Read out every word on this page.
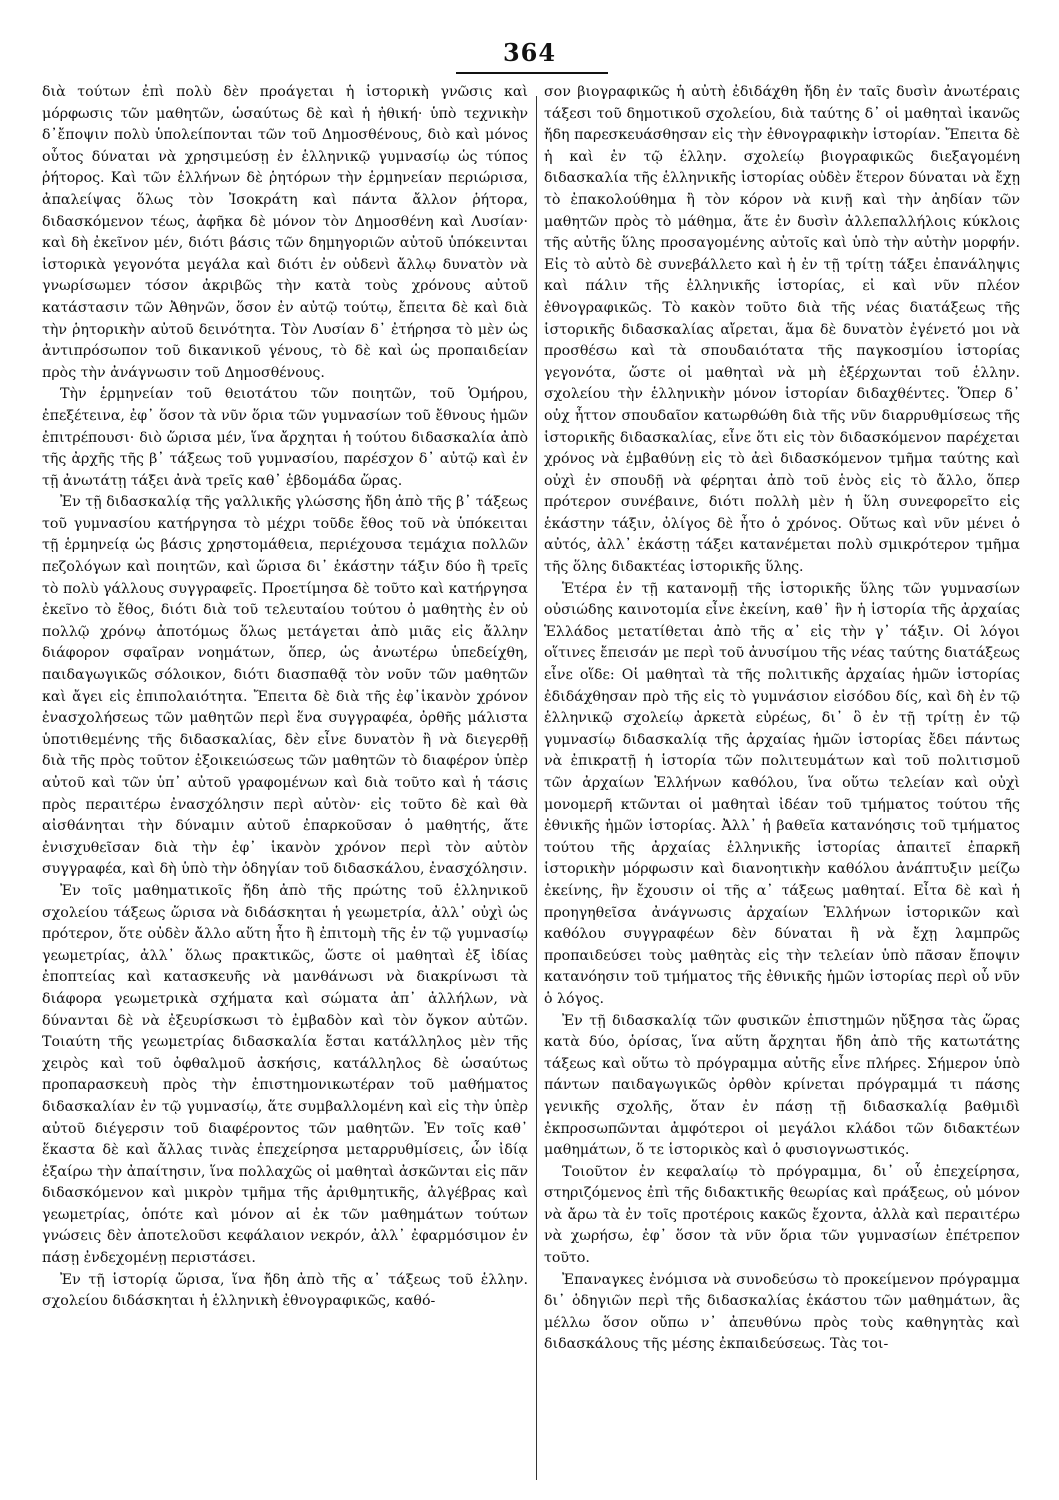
364

διὰ τούτων ἐπὶ πολὺ δὲν προάγεται ἡ ἱστορικὴ γνῶσις καὶ μόρφωσις τῶν μαθητῶν, ὡσαύτως δὲ καὶ ἡ ἠθική· ὑπὸ τεχνικὴν δ᾽ἔποψιν πολὺ ὑπολείπονται τῶν τοῦ Δημοσθένους, διὸ καὶ μόνος οὗτος δύναται νὰ χρησιμεύσῃ ἐν ἑλληνικῷ γυμνασίῳ ὡς τύπος ῥήτορος. Καὶ τῶν ἑλλήνων δὲ ῥητόρων τὴν ἑρμηνείαν περιώρισα, ἀπαλείψας ὅλως τὸν Ἰσοκράτη καὶ πάντα ἄλλον ῥήτορα, διδασκόμενον τέως, ἀφῆκα δὲ μόνον τὸν Δημοσθένη καὶ Λυσίαν· καὶ δὴ ἐκεῖνον μέν, διότι βάσις τῶν δημηγοριῶν αὐτοῦ ὑπόκεινται ἱστορικὰ γεγονότα μεγάλα καὶ διότι ἐν οὐδενὶ ἄλλῳ δυνατὸν νὰ γνωρίσωμεν τόσον ἀκριβῶς τὴν κατὰ τοὺς χρόνους αὐτοῦ κατάστασιν τῶν Ἀθηνῶν, ὅσον ἐν αὐτῷ τούτῳ, ἔπειτα δὲ καὶ διὰ τὴν ῥητορικὴν αὐτοῦ δεινότητα. Τὸν Λυσίαν δ᾽ ἐτήρησα τὸ μὲν ὡς ἀντιπρόσωπον τοῦ δικανικοῦ γένους, τὸ δὲ καὶ ὡς προπαιδείαν πρὸς τὴν ἀνάγνωσιν τοῦ Δημοσθένους.

Τὴν ἑρμηνείαν τοῦ θειοτάτου τῶν ποιητῶν, τοῦ Ὁμήρου, ἐπεξέτεινα, ἐφ᾽ ὅσον τὰ νῦν ὅρια τῶν γυμνασίων τοῦ ἔθνους ἡμῶν ἐπιτρέπουσι· διὸ ὥρισα μέν, ἵνα ἄρχηται ἡ τούτου διδασκαλία ἀπὸ τῆς ἀρχῆς τῆς β᾽ τάξεως τοῦ γυμνασίου, παρέσχον δ᾽ αὐτῷ καὶ ἐν τῇ ἀνωτάτῃ τάξει ἀνὰ τρεῖς καθ᾽ ἑβδομάδα ὥρας.

Ἐν τῇ διδασκαλίᾳ τῆς γαλλικῆς γλώσσης ἤδη ἀπὸ τῆς β᾽ τάξεως τοῦ γυμνασίου κατήργησα τὸ μέχρι τοῦδε ἔθος τοῦ νὰ ὑπόκειται τῇ ἑρμηνείᾳ ὡς βάσις χρηστομάθεια, περιέχουσα τεμάχια πολλῶν πεζολόγων καὶ ποιητῶν, καὶ ὥρισα δι᾽ ἑκάστην τάξιν δύο ἢ τρεῖς τὸ πολὺ γάλλους συγγραφεῖς. Προετίμησα δὲ τοῦτο καὶ κατήργησα ἐκεῖνο τὸ ἔθος, διότι διὰ τοῦ τελευταίου τούτου ὁ μαθητὴς ἐν οὐ πολλῷ χρόνῳ ἀποτόμως ὅλως μετάγεται ἀπὸ μιᾶς εἰς ἄλλην διάφορον σφαῖραν νοημάτων, ὅπερ, ὡς ἀνωτέρω ὑπεδείχθη, παιδαγωγικῶς σόλοικον, διότι διασπαθᾷ τὸν νοῦν τῶν μαθητῶν καὶ ἄγει εἰς ἐπιπολαιότητα. Ἔπειτα δὲ διὰ τῆς ἐφ᾽ἱκανὸν χρόνον ἐνασχολήσεως τῶν μαθητῶν περὶ ἕνα συγγραφέα, ὀρθῆς μάλιστα ὑποτιθεμένης τῆς διδασκαλίας, δὲν εἶνε δυνατὸν ἢ νὰ διεγερθῇ διὰ τῆς πρὸς τοῦτον ἐξοικειώσεως τῶν μαθητῶν τὸ διαφέρον ὑπὲρ αὐτοῦ καὶ τῶν ὑπ᾽ αὐτοῦ γραφομένων καὶ διὰ τοῦτο καὶ ἡ τάσις πρὸς περαιτέρω ἐνασχόλησιν περὶ αὐτὸν· εἰς τοῦτο δὲ καὶ θὰ αἰσθάνηται τὴν δύναμιν αὐτοῦ ἐπαρκοῦσαν ὁ μαθητής, ἅτε ἐνισχυθεῖσαν διὰ τὴν ἐφ᾽ ἱκανὸν χρόνον περὶ τὸν αὐτὸν συγγραφέα, καὶ δὴ ὑπὸ τὴν ὁδηγίαν τοῦ διδασκάλου, ἐνασχόλησιν.

Ἐν τοῖς μαθηματικοῖς ἤδη ἀπὸ τῆς πρώτης τοῦ ἑλληνικοῦ σχολείου τάξεως ὥρισα νὰ διδάσκηται ἡ γεωμετρία, ἀλλ᾽ οὐχὶ ὡς πρότερον, ὅτε οὐδὲν ἄλλο αὕτη ἦτο ἢ ἐπιτομὴ τῆς ἐν τῷ γυμνασίῳ γεωμετρίας, ἀλλ᾽ ὅλως πρακτικῶς, ὥστε οἱ μαθηταὶ ἐξ ἰδίας ἐποπτείας καὶ κατασκευῆς νὰ μανθάνωσι νὰ διακρίνωσι τὰ διάφορα γεωμετρικὰ σχήματα καὶ σώματα ἀπ᾽ ἀλλήλων, νὰ δύνανται δὲ νὰ ἐξευρίσκωσι τὸ ἐμβαδὸν καὶ τὸν ὄγκον αὐτῶν. Τοιαύτη τῆς γεωμετρίας διδασκαλία ἔσται κατάλληλος μὲν τῆς χειρὸς καὶ τοῦ ὀφθαλμοῦ ἀσκήσις, κατάλληλος δὲ ὡσαύτως προπαρασκευὴ πρὸς τὴν ἐπιστημονικωτέραν τοῦ μαθήματος διδασκαλίαν ἐν τῷ γυμνασίῳ, ἅτε συμβαλλομένη καὶ εἰς τὴν ὑπὲρ αὐτοῦ διέγερσιν τοῦ διαφέροντος τῶν μαθητῶν. Ἐν τοῖς καθ᾽ ἕκαστα δὲ καὶ ἄλλας τινὰς ἐπεχείρησα μεταρρυθμίσεις, ὧν ἰδίᾳ ἐξαίρω τὴν ἀπαίτησιν, ἵνα πολλαχῶς οἱ μαθηταὶ ἀσκῶνται εἰς πᾶν διδασκόμενον καὶ μικρὸν τμῆμα τῆς ἀριθμητικῆς, ἀλγέβρας καὶ γεωμετρίας, ὁπότε καὶ μόνον αἱ ἐκ τῶν μαθημάτων τούτων γνώσεις δὲν ἀποτελοῦσι κεφάλαιον νεκρόν, ἀλλ᾽ ἐφαρμόσιμον ἐν πάσῃ ἐνδεχομένῃ περιστάσει.

Ἐν τῇ ἱστορίᾳ ὥρισα, ἵνα ἤδη ἀπὸ τῆς α᾽ τάξεως τοῦ ἑλλην. σχολείου διδάσκηται ἡ ἑλληνικὴ ἐθνογραφικῶς, καθό-

σον βιογραφικῶς ἡ αὐτὴ ἐδιδάχθη ἤδη ἐν ταῖς δυσὶν ἀνωτέραις τάξεσι τοῦ δημοτικοῦ σχολείου, διὰ ταύτης δ᾽ οἱ μαθηταὶ ἱκανῶς ἤδη παρεσκευάσθησαν εἰς τὴν ἐθνογραφικὴν ἱστορίαν. Ἔπειτα δὲ ἡ καὶ ἐν τῷ ἑλλην. σχολείῳ βιογραφικῶς διεξαγομένη διδασκαλία τῆς ἑλληνικῆς ἱστορίας οὐδὲν ἕτερον δύναται νὰ ἔχῃ τὸ ἐπακολούθημα ἢ τὸν κόρον νὰ κινῇ καὶ τὴν ἀηδίαν τῶν μαθητῶν πρὸς τὸ μάθημα, ἅτε ἐν δυσὶν ἀλλεπαλλήλοις κύκλοις τῆς αὐτῆς ὕλης προσαγομένης αὐτοῖς καὶ ὑπὸ τὴν αὐτὴν μορφήν. Εἰς τὸ αὐτὸ δὲ συνεβάλλετο καὶ ἡ ἐν τῇ τρίτῃ τάξει ἐπανάληψις καὶ πάλιν τῆς ἑλληνικῆς ἱστορίας, εἰ καὶ νῦν πλέον ἐθνογραφικῶς. Τὸ κακὸν τοῦτο διὰ τῆς νέας διατάξεως τῆς ἱστορικῆς διδασκαλίας αἴρεται, ἅμα δὲ δυνατὸν ἐγένετό μοι νὰ προσθέσω καὶ τὰ σπουδαιότατα τῆς παγκοσμίου ἱστορίας γεγονότα, ὥστε οἱ μαθηταὶ νὰ μὴ ἐξέρχωνται τοῦ ἑλλην. σχολείου τὴν ἑλληνικὴν μόνον ἱστορίαν διδαχθέντες. Ὅπερ δ᾽ οὐχ ἧττον σπουδαῖον κατωρθώθη διὰ τῆς νῦν διαρρυθμίσεως τῆς ἱστορικῆς διδασκαλίας, εἶνε ὅτι εἰς τὸν διδασκόμενον παρέχεται χρόνος νὰ ἐμβαθύνῃ εἰς τὸ ἀεὶ διδασκόμενον τμῆμα ταύτης καὶ οὐχὶ ἐν σπουδῇ νὰ φέρηται ἀπὸ τοῦ ἑνὸς εἰς τὸ ἄλλο, ὅπερ πρότερον συνέβαινε, διότι πολλὴ μὲν ἡ ὕλη συνεφορεῖτο εἰς ἑκάστην τάξιν, ὀλίγος δὲ ἦτο ὁ χρόνος. Οὕτως καὶ νῦν μένει ὁ αὐτός, ἀλλ᾽ ἑκάστῃ τάξει κατανέμεται πολὺ σμικρότερον τμῆμα τῆς ὅλης διδακτέας ἱστορικῆς ὕλης.

Ἑτέρα ἐν τῇ κατανομῇ τῆς ἱστορικῆς ὕλης τῶν γυμνασίων οὐσιώδης καινοτομία εἶνε ἐκείνη, καθ᾽ ἣν ἡ ἱστορία τῆς ἀρχαίας Ἑλλάδος μετατίθεται ἀπὸ τῆς α᾽ εἰς τὴν γ᾽ τάξιν. Οἱ λόγοι οἵτινες ἔπεισάν με περὶ τοῦ ἀνυσίμου τῆς νέας ταύτης διατάξεως εἶνε οἵδε: Οἱ μαθηταὶ τὰ τῆς πολιτικῆς ἀρχαίας ἡμῶν ἱστορίας ἐδιδάχθησαν πρὸ τῆς εἰς τὸ γυμνάσιον εἰσόδου δίς, καὶ δὴ ἐν τῷ ἑλληνικῷ σχολείῳ ἀρκετὰ εὐρέως, δι᾽ ὃ ἐν τῇ τρίτῃ ἐν τῷ γυμνασίῳ διδασκαλίᾳ τῆς ἀρχαίας ἡμῶν ἱστορίας ἔδει πάντως νὰ ἐπικρατῇ ἡ ἱστορία τῶν πολιτευμάτων καὶ τοῦ πολιτισμοῦ τῶν ἀρχαίων Ἑλλήνων καθόλου, ἵνα οὕτω τελείαν καὶ οὐχὶ μονομερῆ κτῶνται οἱ μαθηταὶ ἰδέαν τοῦ τμήματος τούτου τῆς ἐθνικῆς ἡμῶν ἱστορίας. Ἀλλ᾽ ἡ βαθεῖα κατανόησις τοῦ τμήματος τούτου τῆς ἀρχαίας ἑλληνικῆς ἱστορίας ἀπαιτεῖ ἐπαρκῆ ἱστορικὴν μόρφωσιν καὶ διανοητικὴν καθόλου ἀνάπτυξιν μείζω ἐκείνης, ἣν ἔχουσιν οἱ τῆς α᾽ τάξεως μαθηταί. Εἶτα δὲ καὶ ἡ προηγηθεῖσα ἀνάγνωσις ἀρχαίων Ἑλλήνων ἱστορικῶν καὶ καθόλου συγγραφέων δὲν δύναται ἢ νὰ ἔχῃ λαμπρῶς προπαιδεύσει τοὺς μαθητὰς εἰς τὴν τελείαν ὑπὸ πᾶσαν ἔποψιν κατανόησιν τοῦ τμήματος τῆς ἐθνικῆς ἡμῶν ἱστορίας περὶ οὗ νῦν ὁ λόγος.

Ἐν τῇ διδασκαλίᾳ τῶν φυσικῶν ἐπιστημῶν ηὔξησα τὰς ὥρας κατὰ δύο, ὁρίσας, ἵνα αὕτη ἄρχηται ἤδη ἀπὸ τῆς κατωτάτης τάξεως καὶ οὕτω τὸ πρόγραμμα αὐτῆς εἶνε πλήρες. Σήμερον ὑπὸ πάντων παιδαγωγικῶς ὀρθὸν κρίνεται πρόγραμμά τι πάσης γενικῆς σχολῆς, ὅταν ἐν πάσῃ τῇ διδασκαλίᾳ βαθμιδὶ ἐκπροσωπῶνται ἀμφότεροι οἱ μεγάλοι κλάδοι τῶν διδακτέων μαθημάτων, ὅ τε ἱστορικὸς καὶ ὁ φυσιογνωστικός.

Τοιοῦτον ἐν κεφαλαίῳ τὸ πρόγραμμα, δι᾽ οὗ ἐπεχείρησα, στηριζόμενος ἐπὶ τῆς διδακτικῆς θεωρίας καὶ πράξεως, οὐ μόνον νὰ ἄρω τὰ ἐν τοῖς προτέροις κακῶς ἔχοντα, ἀλλὰ καὶ περαιτέρω νὰ χωρήσω, ἐφ᾽ ὅσον τὰ νῦν ὅρια τῶν γυμνασίων ἐπέτρεπον τοῦτο.

Ἐπαναγκες ἐνόμισα νὰ συνοδεύσω τὸ προκείμενον πρόγραμμα δι᾽ ὁδηγιῶν περὶ τῆς διδασκαλίας ἑκάστου τῶν μαθημάτων, ἃς μέλλω ὅσον οὔπω ν᾽ ἀπευθύνω πρὸς τοὺς καθηγητὰς καὶ διδασκάλους τῆς μέσης ἐκπαιδεύσεως. Τὰς τοι-
